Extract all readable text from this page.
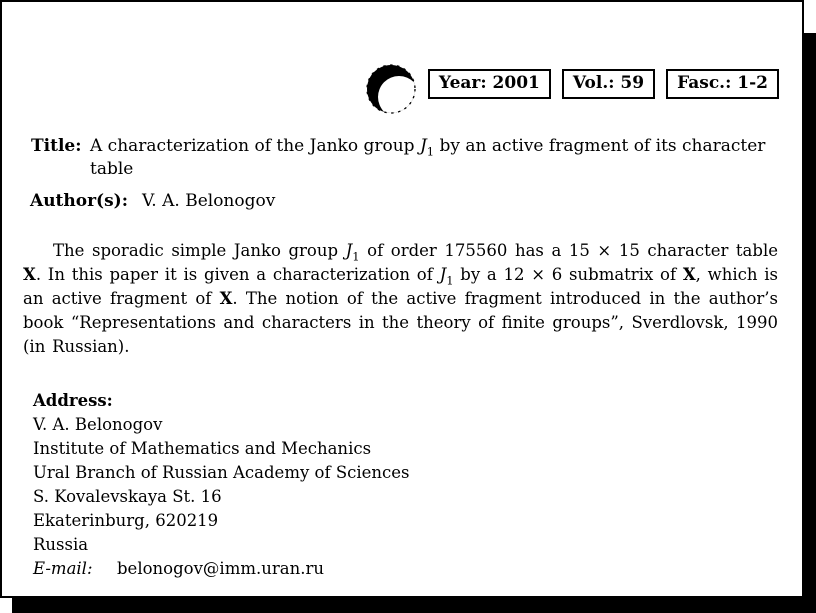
Year: 2001	Vol.: 59	Fasc.: 1-2
Title: A characterization of the Janko group $J_1$ by an active fragment of its character table
Author(s): V. A. Belonogov

The sporadic simple Janko group $J_1$ of order 175560 has a 15 × 15 character table X. In this paper it is given a characterization of $J_1$ by a 12 × 6 submatrix of X, which is an active fragment of X. The notion of the active fragment introduced in the author’s book “Representations and characters in the theory of finite groups”, Sverdlovsk, 1990 (in Russian).

Address:
V. A. Belonogov
Institute of Mathematics and Mechanics
Ural Branch of Russian Academy of Sciences
S. Kovalevskaya St. 16
Ekaterinburg, 620219
Russia
E-mail: belonogov@imm.uran.ru
